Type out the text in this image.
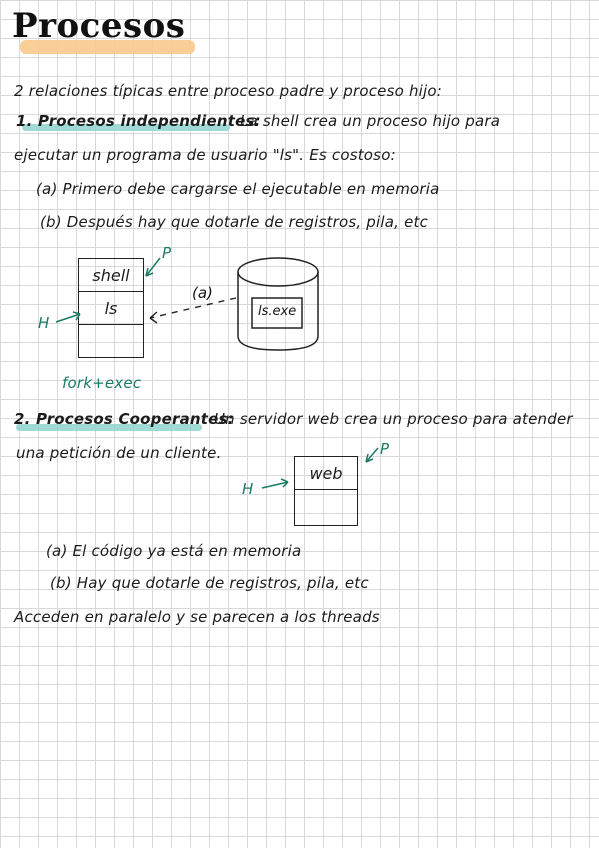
Procesos
2 relaciones típicas entre proceso padre y proceso hijo:
1. Procesos independientes:
La shell crea un proceso hijo para
ejecutar un programa de usuario "ls". Es costoso:
(a) Primero debe cargarse el ejecutable en memoria
(b) Después hay que dotarle de registros, pila, etc
shell
ls
P
H
(a)
ls.exe
fork+exec
2. Procesos Cooperantes:
Un servidor web crea un proceso para atender
una petición de un cliente.
web
P
H
(a) El código ya está en memoria
(b) Hay que dotarle de registros, pila, etc
Acceden en paralelo y se parecen a los threads
